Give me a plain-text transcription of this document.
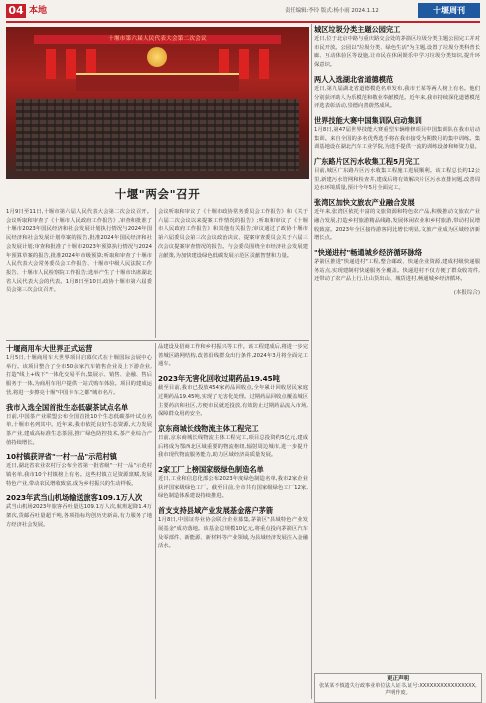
04 本地	责任编辑:李玲 版式:杨小雨 2024.1.12	十堰周刊
十堰市第六届人民代表大会第二次会议
十堰"两会"召开
1月9日至11日,十堰市第六届人民代表大会第二次会议召开。会议听取和审查了《十堰市人民政府工作报告》,审查和批准了十堰市2023年国民经济和社会发展计划执行情况与2024年国民经济和社会发展计划草案的报告,批准2024年国民经济和社会发展计划;审查和批准了十堰市2023年预算执行情况与2024年预算草案的报告,批准2024年市级预算;听取和审查了十堰市人民代表大会常务委员会工作报告、十堰市中级人民法院工作报告、十堰市人民检察院工作报告;选举产生了十堰市出席湖北省人民代表大会的代表。1月8日至10日,政协十堰市第六届委员会第三次会议召开。
会议听取和审议了《十堰市政协常务委员会工作报告》和《关于六届二次会议以来提案工作情况的报告》;听取和审议了《十堰市人民政府工作报告》和其他有关报告;审议通过了政协十堰市第六届委员会第三次会议政治决议、提案审查委员会关于六届三次会议提案审查情况的报告。与会委员围绕全市经济社会发展建言献策,为加快建设绿色低碳发展示范区贡献智慧和力量。
十堰商用车大世界正式运营

1月5日,十堰商用车大世界项目启幕仪式在十堰国际会展中心举行。该项目整合了全市50余家汽车销售企业及上下游企业,打造"线上+线下"一体化交易平台,集展示、销售、金融、售后服务于一体,为商用车用户提供一站式购车体验。项目的建成运营,将进一步擦亮十堰"中国卡车之都"城市名片。

我市入选全国首批生态低碳茶试点名单

日前,中国茶产业联盟公布全国首批10个生态低碳茶叶试点名单,十堰市名列其中。近年来,我市依托良好生态资源,大力发展茶产业,建成高标准生态茶园,推广绿色防控技术,茶产业综合产值持续增长。

10村镇获评省"一村一品"示范村镇

近日,湖北省农业农村厅公布全省第一批省级"一村一品"示范村镇名单,我市10个村镇榜上有名。这些村镇立足资源禀赋,发展特色产业,带动农民增收致富,成为乡村振兴的生动样板。

2023年武当山机场输送旅客109.1万人次

武当山机场2023年旅客吞吐量达109.1万人次,航班起降1.4万架次,货邮吞吐量超千吨,各项指标均创历史新高,有力服务了地方经济社会发展。

品建设及招商工作和乡村振兴等工作。该工程建成后,将进一步完善城区路网结构,改善沿线群众出行条件,2024年3月将全面完工通车。

2023年无害化回收过期药品19.45吨

截至目前,我市已投放454家药品回收点,全年累计回收居民家庭过期药品19.45吨,实现了无害化处理。过期药品回收点覆盖城区主要药店和社区,方便市民就近投放,有效防止过期药品流入市场,保障群众用药安全。

京东商城长线物流主体工程完工

日前,京东商城长线物流主体工程完工,项目总投资约5亿元,建成后将成为鄂西北区域重要的物流枢纽,辐射周边城市,进一步提升我市现代物流服务能力,助力区域经济高质量发展。

2家工厂上榜国家级绿色制造名单

近日,工业和信息化部公布2023年度绿色制造名单,我市2家企业获评国家级绿色工厂。截至目前,全市共有国家级绿色工厂12家,绿色制造体系建设持续推进。

首支支持县域产业发展基金落户茅箭

1月8日,中国证券业协会联合企业募集,茅箭区"县域特色产业发展基金"成功落地。该基金总规模10亿元,将重点投向茅箭区汽车及零部件、新能源、新材料等产业领域,为县域经济发展注入金融活水。

城区垃圾分类主题公园完工

近日,位于北京中路与重庆路交会处的茅箭区垃圾分类主题公园完工并对市民开放。公园以"垃圾分类、绿色生活"为主题,设置了垃圾分类科普长廊、互动体验区等设施,让市民在休闲娱乐中学习垃圾分类知识,提升环保意识。

两人入选湖北省道德模范

近日,第九届湖北省道德模范名单发布,我市王某等两人榜上有名。他们分别获评助人为乐模范和敬业奉献模范。近年来,我市持续深化道德模范评选表彰活动,崇德向善蔚然成风。

世界技能大赛中国集训队启动集训

1月8日,第47届世界技能大赛重型车辆维修项目中国集训队在我市启动集训。来自全国的多名优秀选手将在我市接受为期数月的集中训练。集训基地设在湖北汽车工业学院,为选手提供一流的训练设备和师资力量。

广东路片区污水收集工程5月完工

目前,城区广东路片区污水收集工程施工进展顺利。该工程总长约12公里,新建污水管网和检查井,建成后将有效解决片区污水直排问题,改善周边水环境质量,预计今年5月全面完工。

张湾区加快文旅农产业融合发展

近年来,张湾区依托丰富的文旅资源和特色农产品,积极推动文旅农产业融合发展,打造乡村旅游精品线路,发展休闲农业和乡村旅游,带动村民增收致富。2023年全区接待游客同比增长明显,文旅产业成为区域经济新增长点。

"快递进村"畅通城乡经济循环脉络

茅箭区推进"快递进村"工程,整合邮政、快递企业资源,建成村级快递服务站点,实现建制村快递服务全覆盖。快递进村不仅方便了群众收寄件,还带动了农产品上行,让山货出山、城货进村,畅通城乡经济循环。

(本报综合)
更正声明
张某某不慎遗失行政事业单位法人证书,证号:XXXXXXXXXXXXXXXX,
声明作废。
